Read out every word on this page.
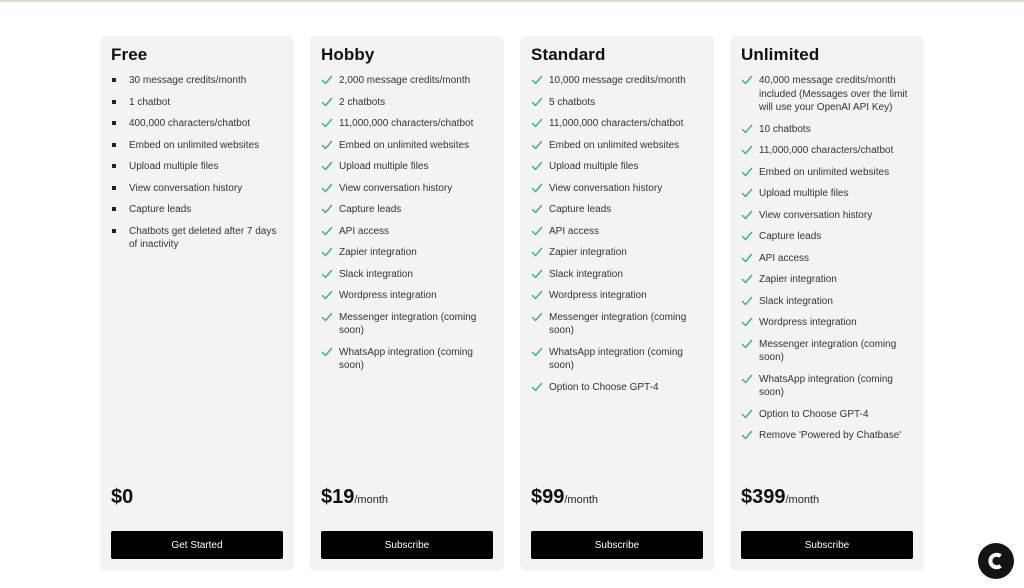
Free
30 message credits/month
1 chatbot
400,000 characters/chatbot
Embed on unlimited websites
Upload multiple files
View conversation history
Capture leads
Chatbots get deleted after 7 days of inactivity
$0
Get Started
Hobby
2,000 message credits/month
2 chatbots
11,000,000 characters/chatbot
Embed on unlimited websites
Upload multiple files
View conversation history
Capture leads
API access
Zapier integration
Slack integration
Wordpress integration
Messenger integration (coming soon)
WhatsApp integration (coming soon)
$19/month
Subscribe
Standard
10,000 message credits/month
5 chatbots
11,000,000 characters/chatbot
Embed on unlimited websites
Upload multiple files
View conversation history
Capture leads
API access
Zapier integration
Slack integration
Wordpress integration
Messenger integration (coming soon)
WhatsApp integration (coming soon)
Option to Choose GPT-4
$99/month
Subscribe
Unlimited
40,000 message credits/month included (Messages over the limit will use your OpenAI API Key)
10 chatbots
11,000,000 characters/chatbot
Embed on unlimited websites
Upload multiple files
View conversation history
Capture leads
API access
Zapier integration
Slack integration
Wordpress integration
Messenger integration (coming soon)
WhatsApp integration (coming soon)
Option to Choose GPT-4
Remove 'Powered by Chatbase'
$399/month
Subscribe
